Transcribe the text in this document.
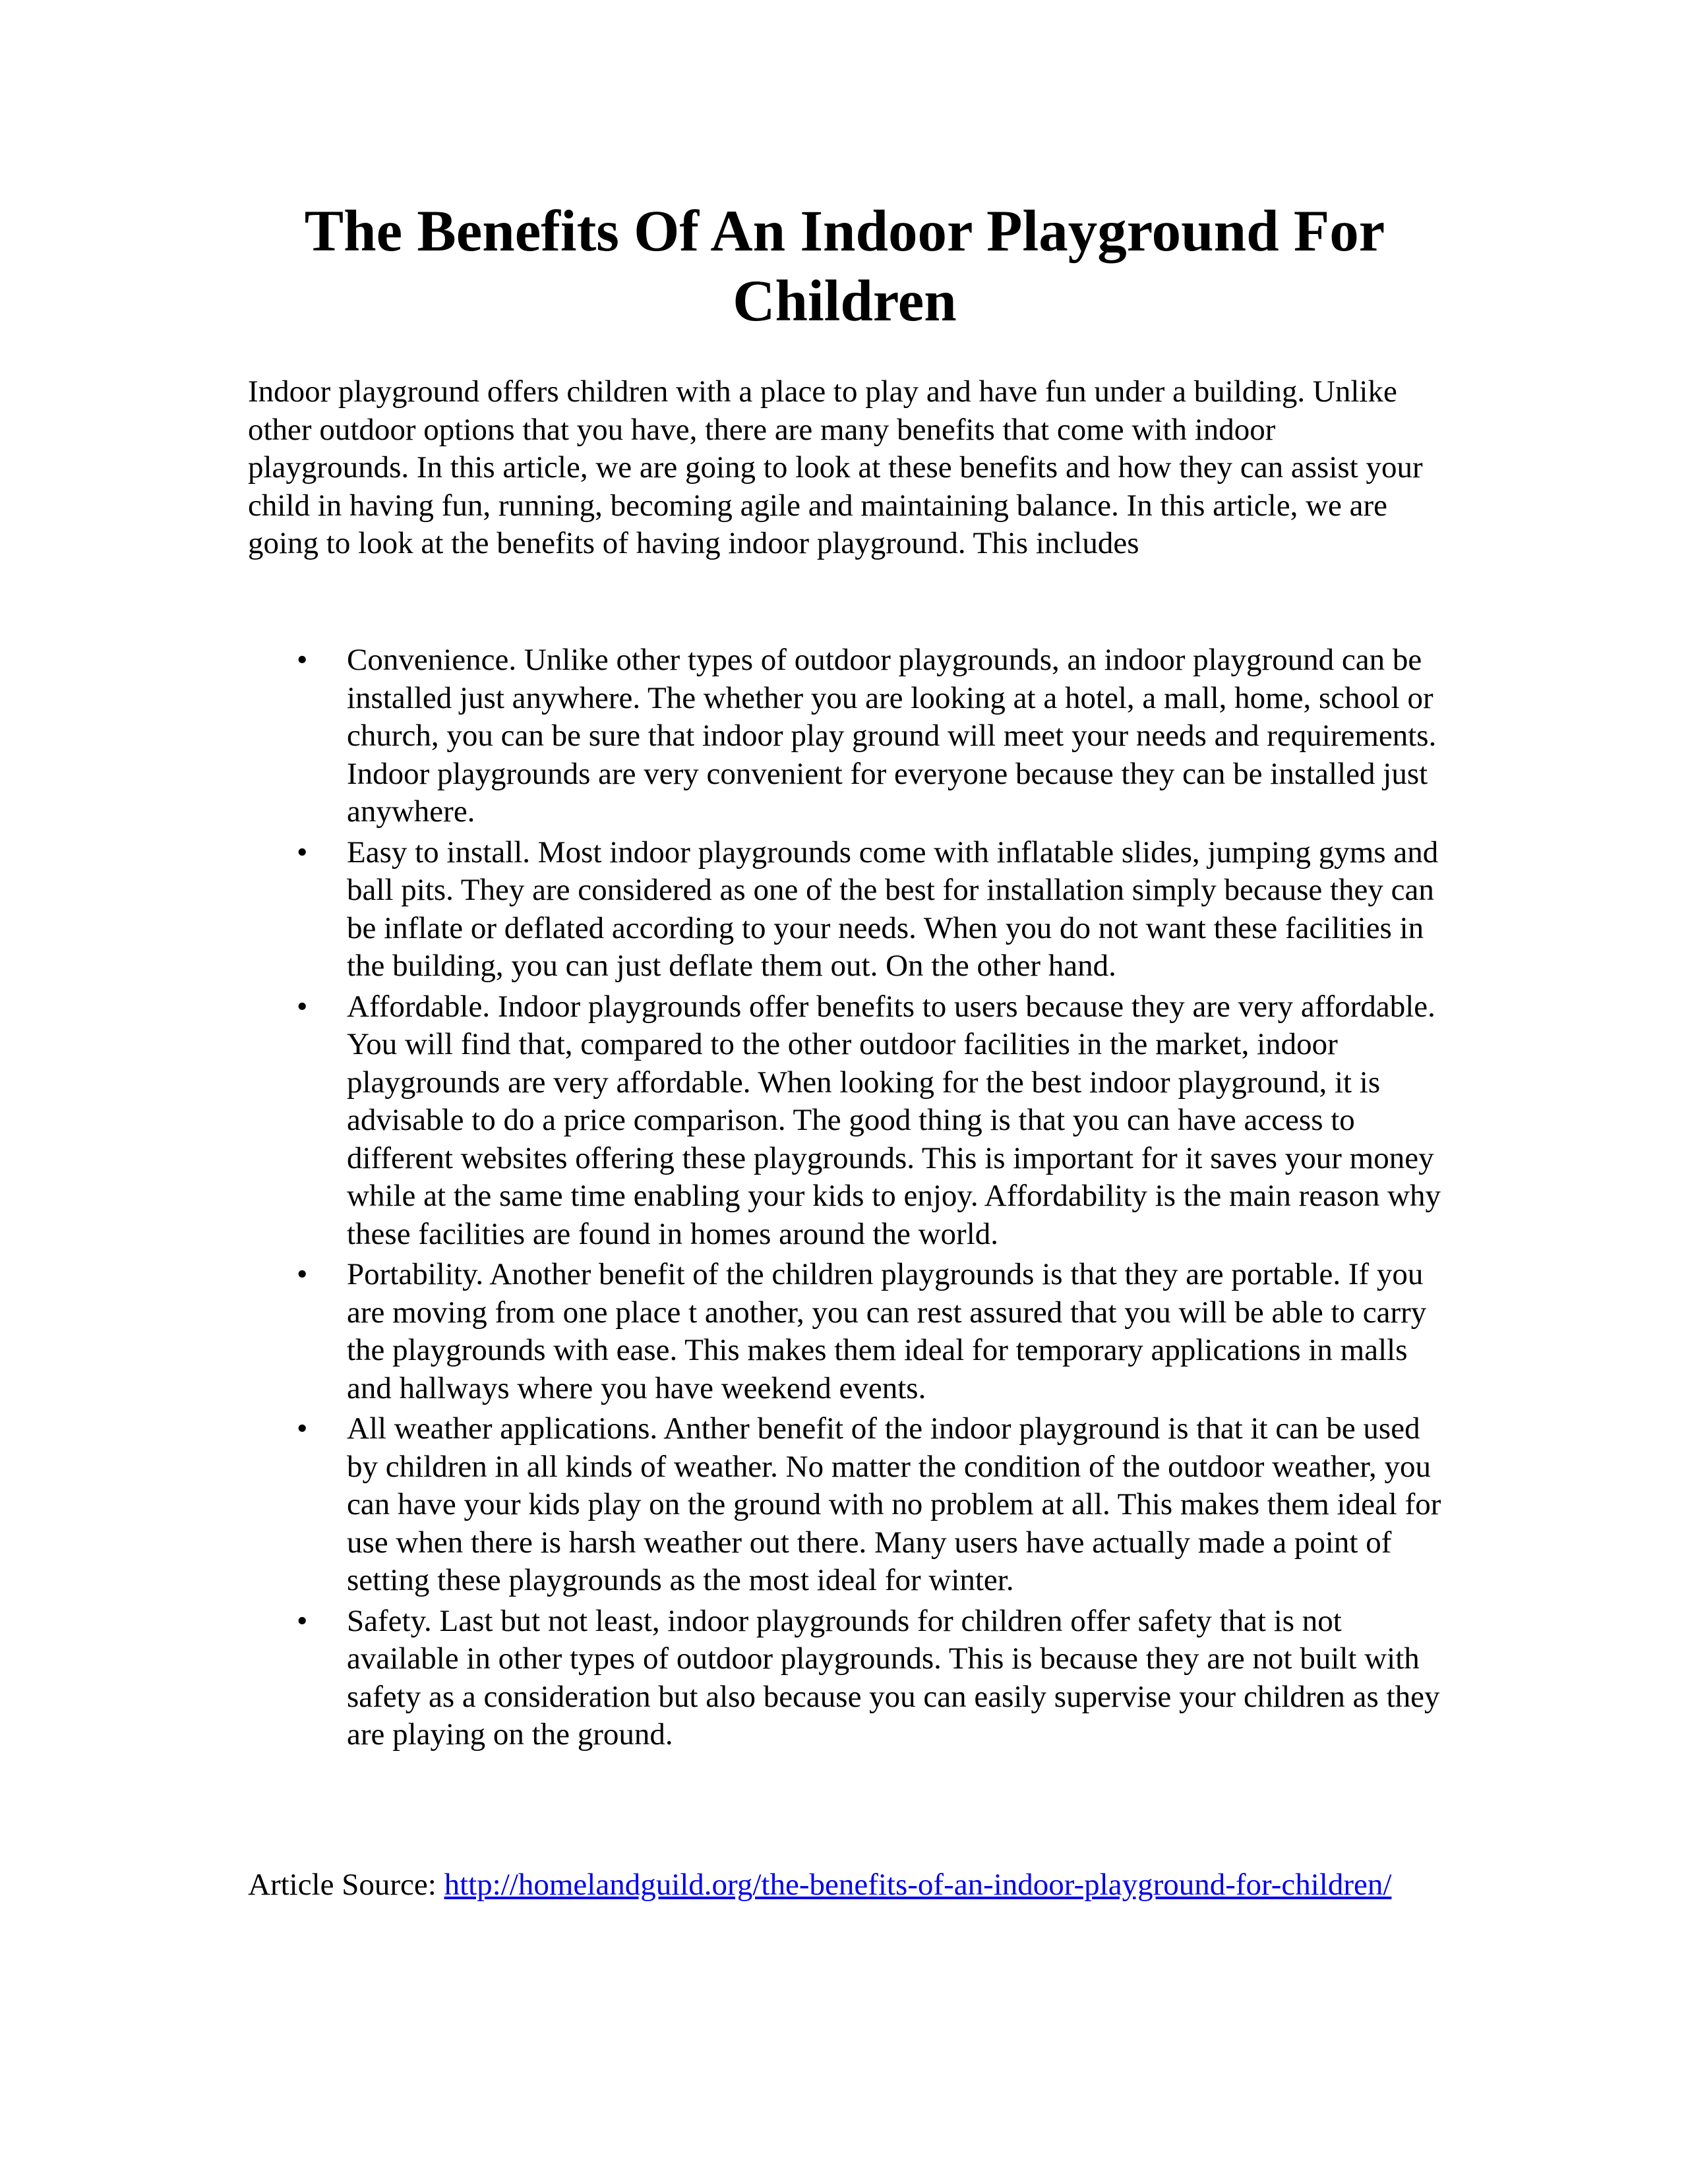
The Benefits Of An Indoor Playground For Children

Indoor playground offers children with a place to play and have fun under a building. Unlike other outdoor options that you have, there are many benefits that come with indoor playgrounds. In this article, we are going to look at these benefits and how they can assist your child in having fun, running, becoming agile and maintaining balance. In this article, we are going to look at the benefits of having indoor playground. This includes

•	Convenience. Unlike other types of outdoor playgrounds, an indoor playground can be installed just anywhere. The whether you are looking at a hotel, a mall, home, school or church, you can be sure that indoor play ground will meet your needs and requirements. Indoor playgrounds are very convenient for everyone because they can be installed just anywhere.
•	Easy to install. Most indoor playgrounds come with inflatable slides, jumping gyms and ball pits. They are considered as one of the best for installation simply because they can be inflate or deflated according to your needs. When you do not want these facilities in the building, you can just deflate them out. On the other hand.
•	Affordable. Indoor playgrounds offer benefits to users because they are very affordable. You will find that, compared to the other outdoor facilities in the market, indoor playgrounds are very affordable. When looking for the best indoor playground, it is advisable to do a price comparison. The good thing is that you can have access to different websites offering these playgrounds. This is important for it saves your money while at the same time enabling your kids to enjoy. Affordability is the main reason why these facilities are found in homes around the world.
•	Portability. Another benefit of the children playgrounds is that they are portable. If you are moving from one place t another, you can rest assured that you will be able to carry the playgrounds with ease. This makes them ideal for temporary applications in malls and hallways where you have weekend events.
•	All weather applications. Anther benefit of the indoor playground is that it can be used by children in all kinds of weather. No matter the condition of the outdoor weather, you can have your kids play on the ground with no problem at all. This makes them ideal for use when there is harsh weather out there. Many users have actually made a point of setting these playgrounds as the most ideal for winter.
•	Safety. Last but not least, indoor playgrounds for children offer safety that is not available in other types of outdoor playgrounds. This is because they are not built with safety as a consideration but also because you can easily supervise your children as they are playing on the ground.

Article Source: http://homelandguild.org/the-benefits-of-an-indoor-playground-for-children/
